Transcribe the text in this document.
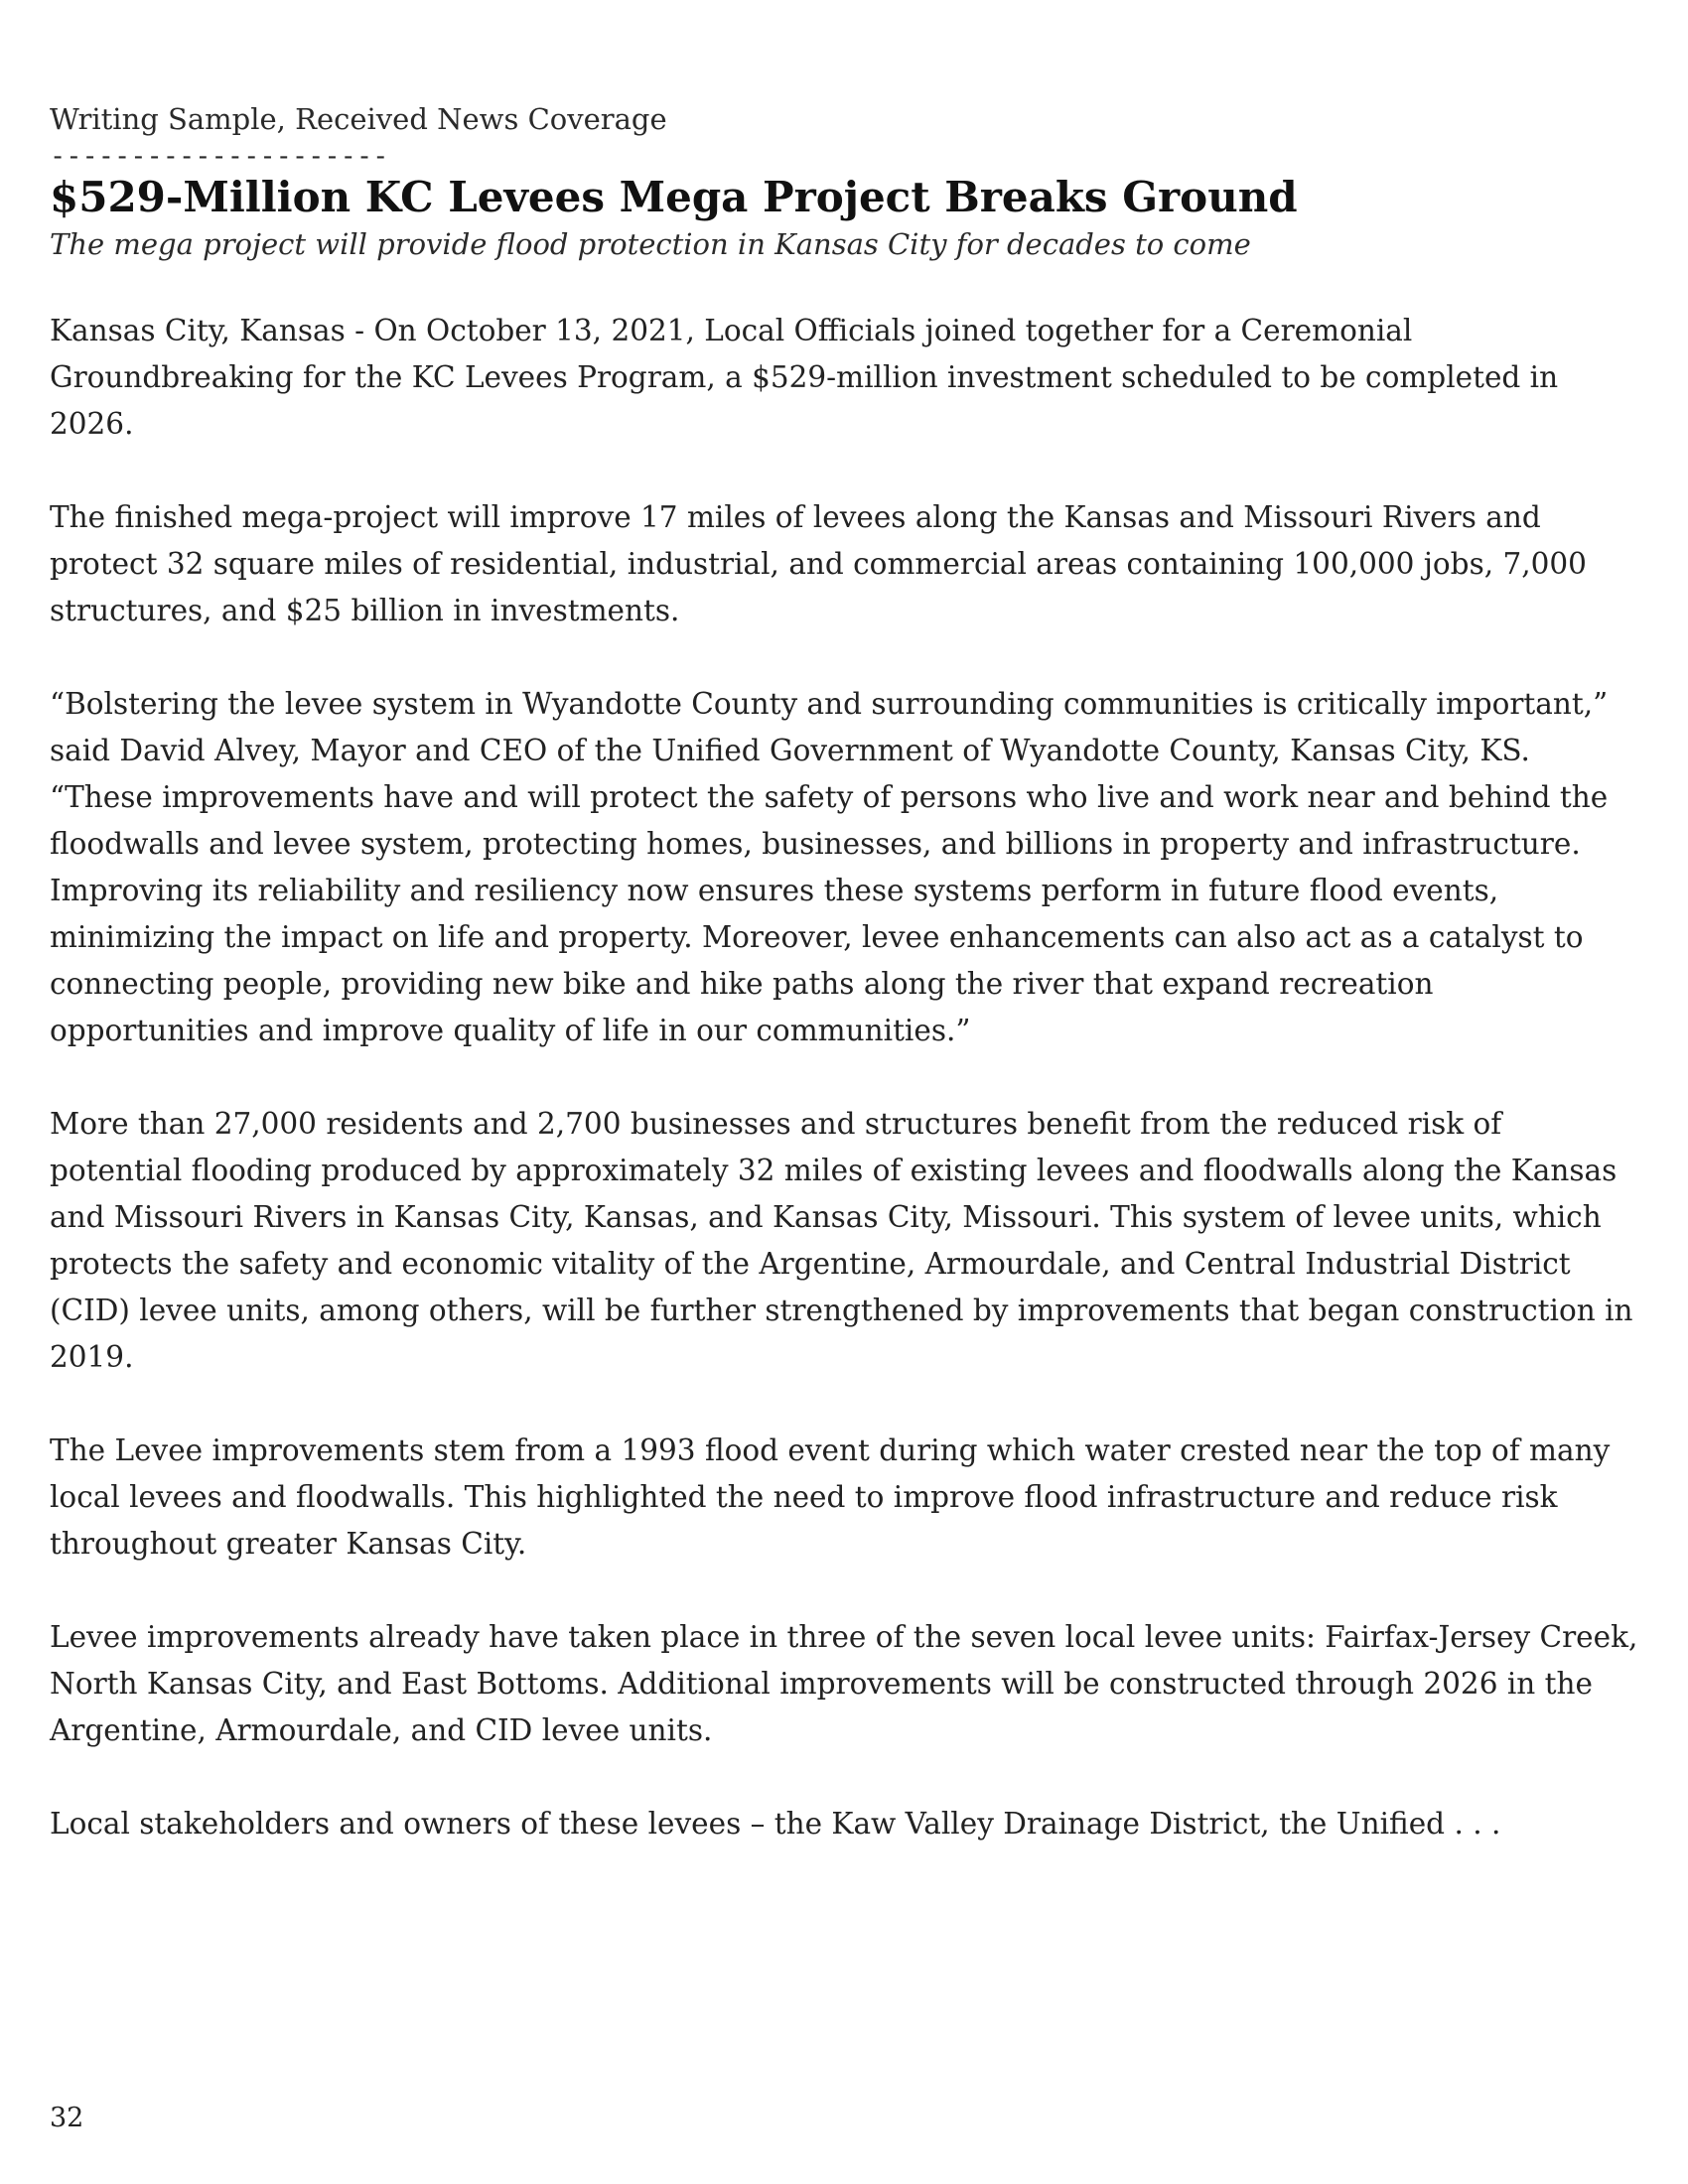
Writing Sample, Received News Coverage

---------------------

$529-Million KC Levees Mega Project Breaks Ground

The mega project will provide flood protection in Kansas City for decades to come

Kansas City, Kansas - On October 13, 2021, Local Officials joined together for a Ceremonial Groundbreaking for the KC Levees Program, a $529-million investment scheduled to be completed in 2026.

The finished mega-project will improve 17 miles of levees along the Kansas and Missouri Rivers and protect 32 square miles of residential, industrial, and commercial areas containing 100,000 jobs, 7,000 structures, and $25 billion in investments.

“Bolstering the levee system in Wyandotte County and surrounding communities is critically important,” said David Alvey, Mayor and CEO of the Unified Government of Wyandotte County, Kansas City, KS. “These improvements have and will protect the safety of persons who live and work near and behind the floodwalls and levee system, protecting homes, businesses, and billions in property and infrastructure. Improving its reliability and resiliency now ensures these systems perform in future flood events, minimizing the impact on life and property. Moreover, levee enhancements can also act as a catalyst to connecting people, providing new bike and hike paths along the river that expand recreation opportunities and improve quality of life in our communities.”

More than 27,000 residents and 2,700 businesses and structures benefit from the reduced risk of potential flooding produced by approximately 32 miles of existing levees and floodwalls along the Kansas and Missouri Rivers in Kansas City, Kansas, and Kansas City, Missouri. This system of levee units, which protects the safety and economic vitality of the Argentine, Armourdale, and Central Industrial District (CID) levee units, among others, will be further strengthened by improvements that began construction in 2019.

The Levee improvements stem from a 1993 flood event during which water crested near the top of many local levees and floodwalls. This highlighted the need to improve flood infrastructure and reduce risk throughout greater Kansas City.

Levee improvements already have taken place in three of the seven local levee units: Fairfax-Jersey Creek, North Kansas City, and East Bottoms. Additional improvements will be constructed through 2026 in the Argentine, Armourdale, and CID levee units.

Local stakeholders and owners of these levees – the Kaw Valley Drainage District, the Unified . . .

32
